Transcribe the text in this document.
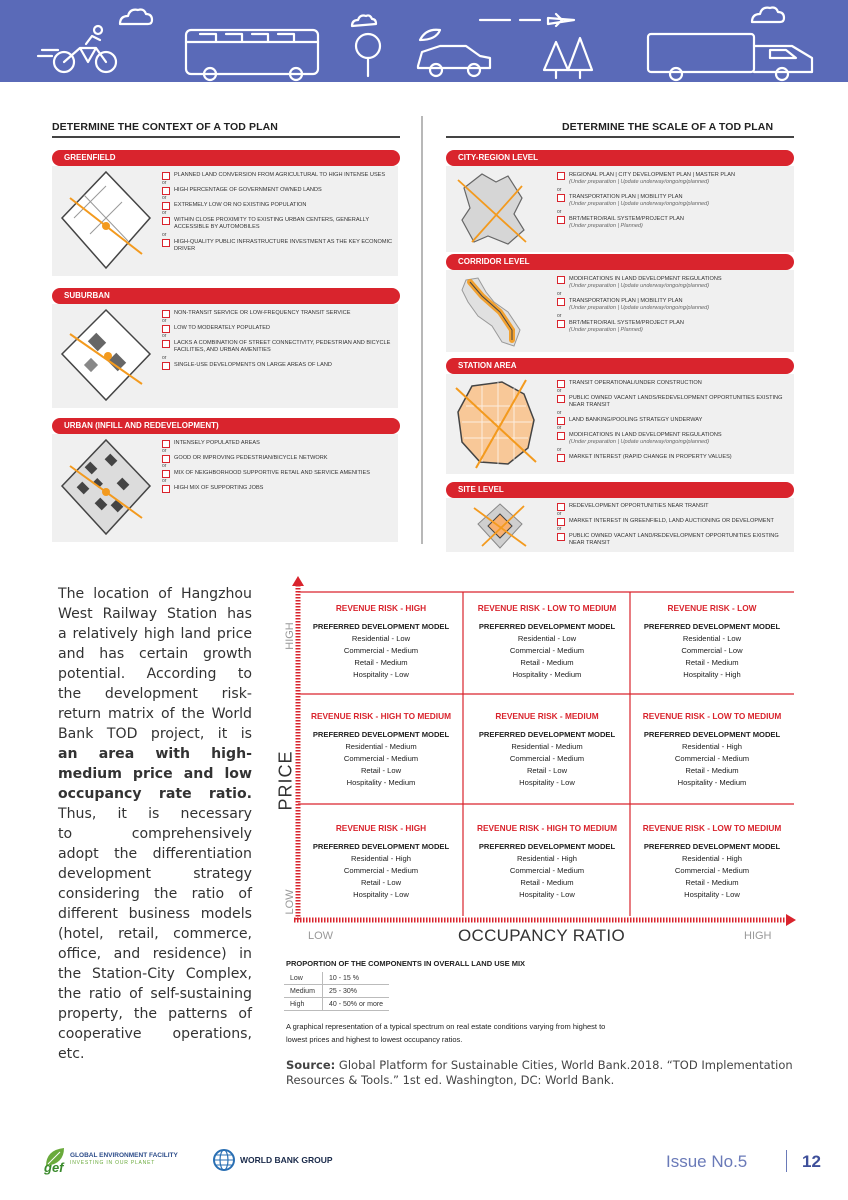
DETERMINE THE CONTEXT OF A TOD PLAN
GREENFIELD
PLANNED LAND CONVERSION FROM AGRICULTURAL TO HIGH INTENSE USES
or
HIGH PERCENTAGE OF GOVERNMENT OWNED LANDS
or
EXTREMELY LOW OR NO EXISTING POPULATION
or
WITHIN CLOSE PROXIMITY TO EXISTING URBAN CENTERS, GENERALLY ACCESSIBLE BY AUTOMOBILES
or
HIGH-QUALITY PUBLIC INFRASTRUCTURE INVESTMENT AS THE KEY ECONOMIC DRIVER
SUBURBAN
NON-TRANSIT SERVICE OR LOW-FREQUENCY TRANSIT SERVICE
or
LOW TO MODERATELY POPULATED
or
LACKS A COMBINATION OF STREET CONNECTIVITY, PEDESTRIAN AND BICYCLE FACILITIES, AND URBAN AMENITIES
or
SINGLE-USE DEVELOPMENTS ON LARGE AREAS OF LAND
URBAN (INFILL AND REDEVELOPMENT)
INTENSELY POPULATED AREAS
or
GOOD OR IMPROVING PEDESTRIAN/BICYCLE NETWORK
or
MIX OF NEIGHBORHOOD SUPPORTIVE RETAIL AND SERVICE AMENITIES
or
HIGH MIX OF SUPPORTING JOBS
DETERMINE THE SCALE OF A TOD PLAN
CITY-REGION LEVEL
REGIONAL PLAN | CITY DEVELOPMENT PLAN | MASTER PLAN
(Under preparation | Update underway/ongoing/planned)
or
TRANSPORTATION PLAN | MOBILITY PLAN
(Under preparation | Update underway/ongoing/planned)
or
BRT/METRO/RAIL SYSTEM/PROJECT PLAN
(Under preparation | Planned)
CORRIDOR LEVEL
MODIFICATIONS IN LAND DEVELOPMENT REGULATIONS
(Under preparation | Update underway/ongoing/planned)
or
TRANSPORTATION PLAN | MOBILITY PLAN
(Under preparation | Update underway/ongoing/planned)
or
BRT/METRO/RAIL SYSTEM/PROJECT PLAN
(Under preparation | Planned)
STATION AREA
TRANSIT OPERATIONAL/UNDER CONSTRUCTION
or
PUBLIC OWNED VACANT LANDS/REDEVELOPMENT OPPORTUNITIES EXISTING NEAR TRANSIT
or
LAND BANKING/POOLING STRATEGY UNDERWAY
or
MODIFICATIONS IN LAND DEVELOPMENT REGULATIONS
(Under preparation | Update underway/ongoing/planned)
or
MARKET INTEREST (RAPID CHANGE IN PROPERTY VALUES)
SITE LEVEL
REDEVELOPMENT OPPORTUNITIES NEAR TRANSIT
or
MARKET INTEREST IN GREENFIELD, LAND AUCTIONING OR DEVELOPMENT
or
PUBLIC OWNED VACANT LAND/REDEVELOPMENT OPPORTUNITIES EXISTING NEAR TRANSIT
The location of Hangzhou
West Railway Station has
a relatively high land price
and has certain growth
potential. According to
the development risk-
return matrix of the World
Bank TOD project, it is
an area with high-
medium price and low
occupancy rate ratio.
Thus, it is necessary
to comprehensively
adopt the differentiation
development strategy
considering the ratio of
different business models
(hotel, retail, commerce,
office, and residence) in
the Station-City Complex,
the ratio of self-sustaining
property, the patterns of
cooperative operations,
etc.
HIGH
PRICE
LOW
LOW	OCCUPANCY RATIO	HIGH
REVENUE RISK - HIGH
PREFERRED DEVELOPMENT MODEL
Residential - Low
Commercial - Medium
Retail - Medium
Hospitality - Low
REVENUE RISK - LOW TO MEDIUM
PREFERRED DEVELOPMENT MODEL
Residential - Low
Commercial - Medium
Retail - Medium
Hospitality - Medium
REVENUE RISK - LOW
PREFERRED DEVELOPMENT MODEL
Residential - Low
Commercial - Low
Retail - Medium
Hospitality - High
REVENUE RISK - HIGH TO MEDIUM
PREFERRED DEVELOPMENT MODEL
Residential - Medium
Commercial - Medium
Retail - Low
Hospitality - Medium
REVENUE RISK - MEDIUM
PREFERRED DEVELOPMENT MODEL
Residential - Medium
Commercial - Medium
Retail - Low
Hospitality - Low
REVENUE RISK - LOW TO MEDIUM
PREFERRED DEVELOPMENT MODEL
Residential - High
Commercial - Medium
Retail - Medium
Hospitality - Medium
REVENUE RISK - HIGH
PREFERRED DEVELOPMENT MODEL
Residential - High
Commercial - Medium
Retail - Low
Hospitality - Low
REVENUE RISK - HIGH TO MEDIUM
PREFERRED DEVELOPMENT MODEL
Residential - High
Commercial - Medium
Retail - Medium
Hospitality - Low
REVENUE RISK - LOW TO MEDIUM
PREFERRED DEVELOPMENT MODEL
Residential - High
Commercial - Medium
Retail - Medium
Hospitality - Low
PROPORTION OF THE COMPONENTS IN OVERALL LAND USE MIX
Low	10 - 15 %
Medium	25 - 30%
High	40 - 50% or more
A graphical representation of a typical spectrum on real estate conditions varying from highest to
lowest prices and highest to lowest occupancy ratios.
Source: Global Platform for Sustainable Cities, World Bank.2018. “TOD Implementation
Resources & Tools.” 1st ed. Washington, DC: World Bank.
gef
GLOBAL ENVIRONMENT FACILITY
INVESTING IN OUR PLANET	WORLD BANK GROUP	Issue No.5	12
